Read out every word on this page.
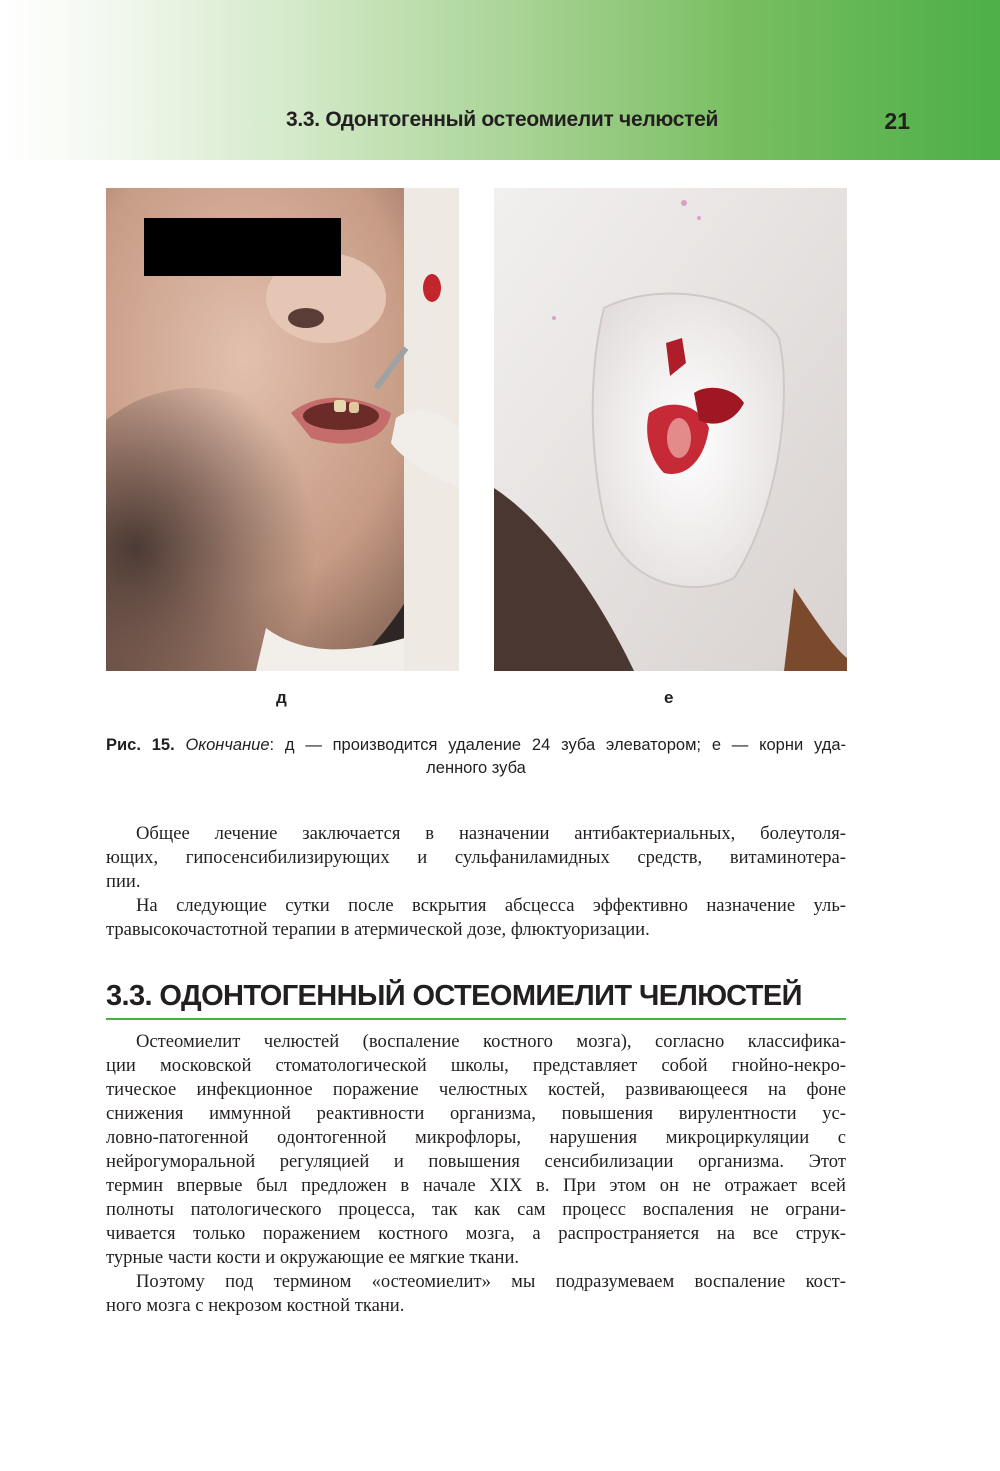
3.3. Одонтогенный остеомиелит челюстей	21
д	е
Рис. 15. Окончание: д — производится удаление 24 зуба элеватором; е — корни уда-
ленного зуба
Общее лечение заключается в назначении антибактериальных, болеутоля-
ющих, гипосенсибилизирующих и сульфаниламидных средств, витаминотера-
пии.
На следующие сутки после вскрытия абсцесса эффективно назначение уль-
травысокочастотной терапии в атермической дозе, флюктуоризации.
3.3. ОДОНТОГЕННЫЙ ОСТЕОМИЕЛИТ ЧЕЛЮСТЕЙ
Остеомиелит челюстей (воспаление костного мозга), согласно классифика-
ции московской стоматологической школы, представляет собой гнойно-некро-
тическое инфекционное поражение челюстных костей, развивающееся на фоне
снижения иммунной реактивности организма, повышения вирулентности ус-
ловно-патогенной одонтогенной микрофлоры, нарушения микроциркуляции с
нейрогуморальной регуляцией и повышения сенсибилизации организма. Этот
термин впервые был предложен в начале XIX в. При этом он не отражает всей
полноты патологического процесса, так как сам процесс воспаления не ограни-
чивается только поражением костного мозга, а распространяется на все струк-
турные части кости и окружающие ее мягкие ткани.
Поэтому под термином «остеомиелит» мы подразумеваем воспаление кост-
ного мозга с некрозом костной ткани.
